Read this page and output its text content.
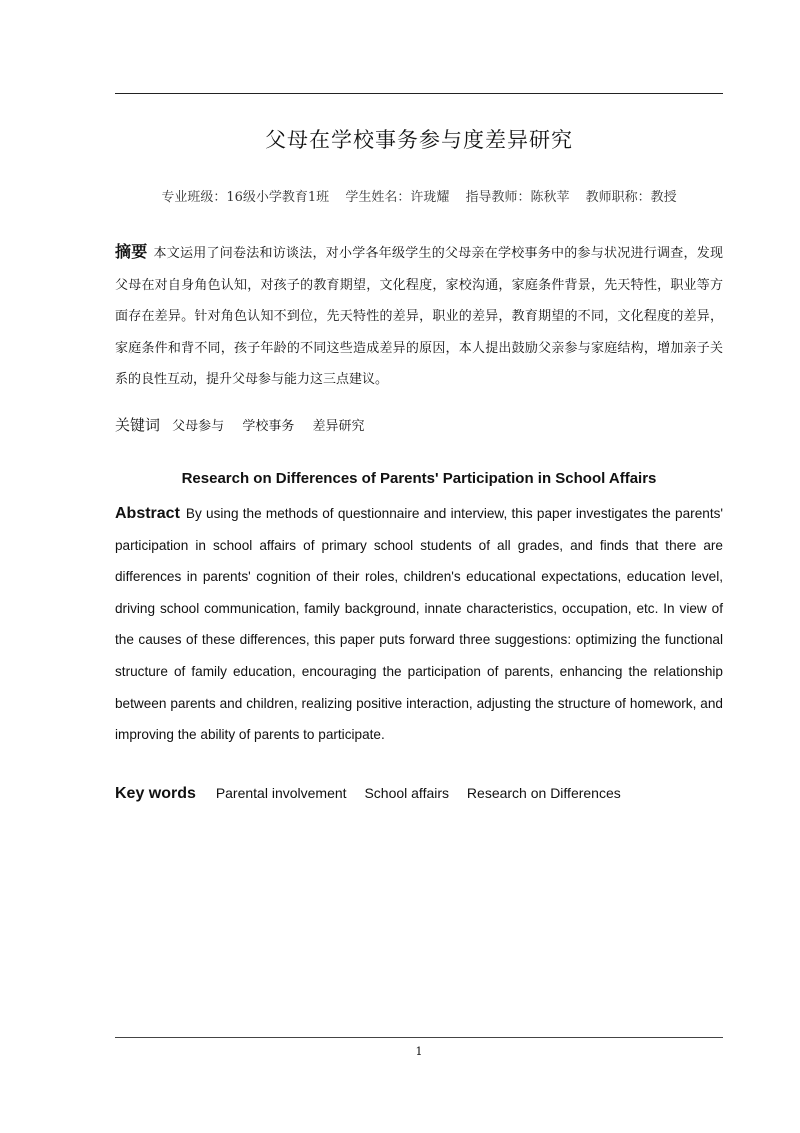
父母在学校事务参与度差异研究
专业班级：16级小学教育1班 学生姓名：许珑耀 指导教师：陈秋苹 教师职称：教授
摘要 本文运用了问卷法和访谈法，对小学各年级学生的父母亲在学校事务中的参与状况进行调查，发现父母在对自身角色认知，对孩子的教育期望，文化程度，家校沟通，家庭条件背景，先天特性，职业等方面存在差异。针对角色认知不到位，先天特性的差异，职业的差异，教育期望的不同，文化程度的差异，家庭条件和背不同，孩子年龄的不同这些造成差异的原因，本人提出鼓励父亲参与家庭结构，增加亲子关系的良性互动，提升父母参与能力这三点建议。
关键词 父母参与 学校事务 差异研究
Research on Differences of Parents' Participation in School Affairs
Abstract By using the methods of questionnaire and interview, this paper investigates the parents' participation in school affairs of primary school students of all grades, and finds that there are differences in parents' cognition of their roles, children's educational expectations, education level, driving school communication, family background, innate characteristics, occupation, etc. In view of the causes of these differences, this paper puts forward three suggestions: optimizing the functional structure of family education, encouraging the participation of parents, enhancing the relationship between parents and children, realizing positive interaction, adjusting the structure of homework, and improving the ability of parents to participate.
Key words Parental involvement School affairs Research on Differences
1
